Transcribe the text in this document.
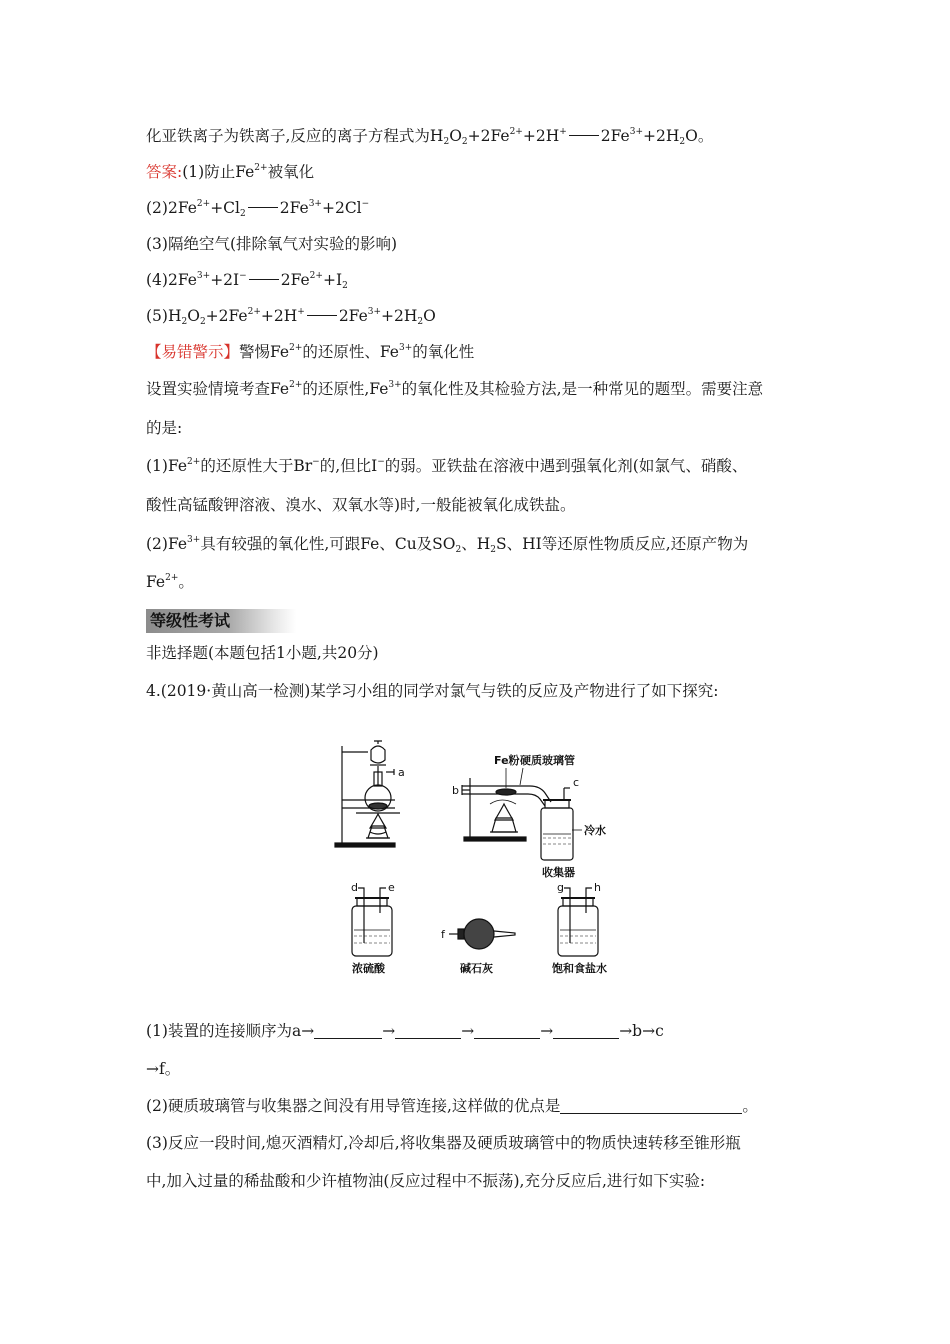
化亚铁离子为铁离子,反应的离子方程式为$H_2O_2+2Fe^{2+}+2H^+$ $2Fe^{3+}+2H_2O$。
答案:(1)防止$Fe^{2+}$被氧化
$(2)2Fe^{2+}+Cl_2$ $2Fe^{3+}+2Cl^-$
(3)隔绝空气(排除氧气对实验的影响)
$(4)2Fe^{3+}+2I^-$ $2Fe^{2+}+I_2$
$(5)H_2O_2+2Fe^{2+}+2H^+$ $2Fe^{3+}+2H_2O$
【易错警示】警惕$Fe^{2+}$的还原性、$Fe^{3+}$的氧化性
设置实验情境考查$Fe^{2+}$的还原性$,Fe^{3+}$的氧化性及其检验方法,是一种常见的题型。需要注意
的是:
$(1)Fe^{2+}$的还原性大于Br−的,但比I−的弱。亚铁盐在溶液中遇到强氧化剂(如氯气、硝酸、
酸性高锰酸钾溶液、溴水、双氧水等)时,一般能被氧化成铁盐。
$(2)Fe^{3+}$具有较强的氧化性,可跟Fe、Cu及$SO_2$、$H_2S$、HI等还原性物质反应,还原产物为
$Fe^{2+}$。
等级性考试
非选择题(本题包括1小题,共20分)
4.(2019·黄山高一检测)某学习小组的同学对氯气与铁的反应及产物进行了如下探究:
a
b
c
Fe粉 硬质玻璃管
冷水
收集器
d	e
f
g	h
浓硫酸	碱石灰	饱和食盐水
(1)装置的连接顺序为a→	→	→	→	→b→c
→f。
(2)硬质玻璃管与收集器之间没有用导管连接,这样做的优点是	。
(3)反应一段时间,熄灭酒精灯,冷却后,将收集器及硬质玻璃管中的物质快速转移至锥形瓶
中,加入过量的稀盐酸和少许植物油(反应过程中不振荡),充分反应后,进行如下实验:
